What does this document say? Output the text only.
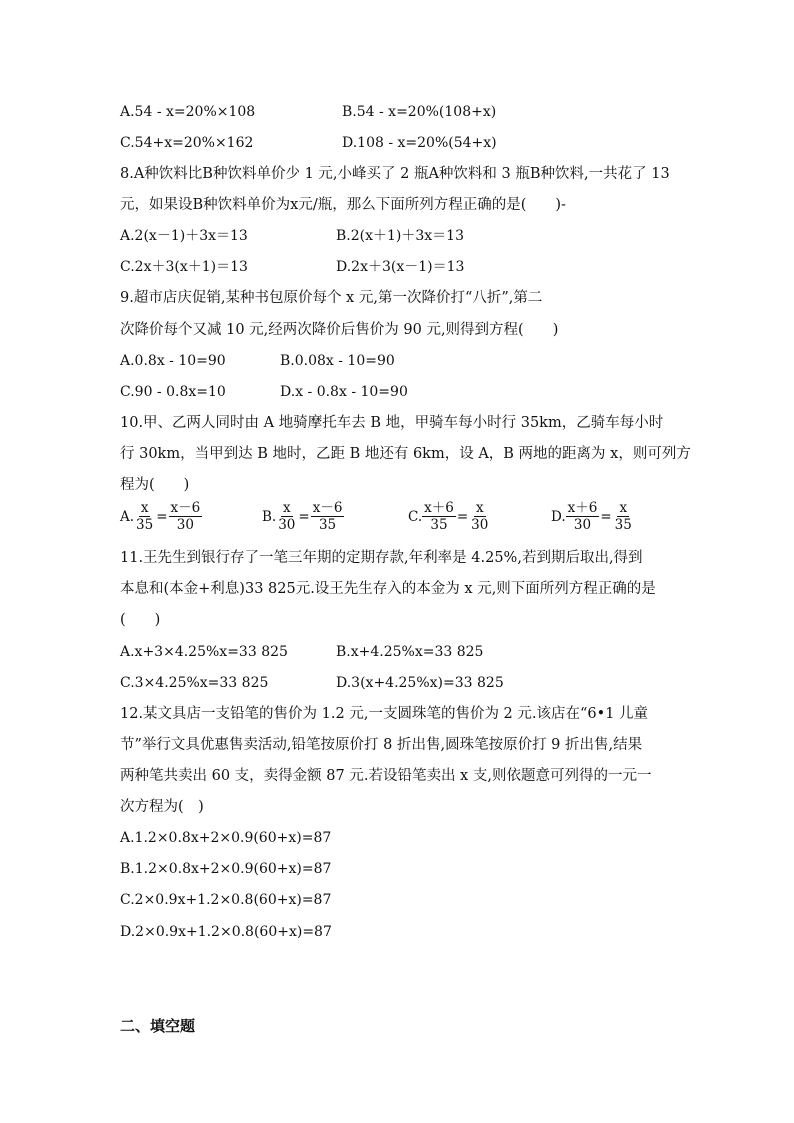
A.54 - x=20%×108	B.54 - x=20%(108+x)
C.54+x=20%×162	D.108 - x=20%(54+x)
8.A种饮料比B种饮料单价少 1 元,小峰买了 2 瓶A种饮料和 3 瓶B种饮料,一共花了 13
元，如果设B种饮料单价为x元/瓶，那么下面所列方程正确的是(　　)-
A.2(x－1)＋3x＝13	B.2(x＋1)＋3x＝13
C.2x＋3(x＋1)＝13	D.2x＋3(x－1)＝13
9.超市店庆促销,某种书包原价每个 x 元,第一次降价打“八折”,第二
次降价每个又减 10 元,经两次降价后售价为 90 元,则得到方程(　　)
A.0.8x - 10=90	B.0.08x - 10=90
C.90 - 0.8x=10	D.x - 0.8x - 10=90
10.甲、乙两人同时由 A 地骑摩托车去 B 地，甲骑车每小时行 35km，乙骑车每小时
行 30km，当甲到达 B 地时，乙距 B 地还有 6km，设 A，B 两地的距离为 x，则可列方
程为(　　)
A. $\frac{x}{35} = \frac{x-6}{30}$	B. $\frac{x}{30} = \frac{x-6}{35}$	C. $\frac{x+6}{35} = \frac{x}{30}$	D. $\frac{x+6}{30} = \frac{x}{35}$
11.王先生到银行存了一笔三年期的定期存款,年利率是 4.25%,若到期后取出,得到
本息和(本金+利息)33 825元.设王先生存入的本金为 x 元,则下面所列方程正确的是
(　　)
A.x+3×4.25%x=33 825	B.x+4.25%x=33 825
C.3×4.25%x=33 825	D.3(x+4.25%x)=33 825
12.某文具店一支铅笔的售价为 1.2 元,一支圆珠笔的售价为 2 元.该店在“6•1 儿童
节”举行文具优惠售卖活动,铅笔按原价打 8 折出售,圆珠笔按原价打 9 折出售,结果
两种笔共卖出 60 支，卖得金额 87 元.若设铅笔卖出 x 支,则依题意可列得的一元一
次方程为(　)
A.1.2×0.8x+2×0.9(60+x)=87
B.1.2×0.8x+2×0.9(60+x)=87
C.2×0.9x+1.2×0.8(60+x)=87
D.2×0.9x+1.2×0.8(60+x)=87
二、填空题
